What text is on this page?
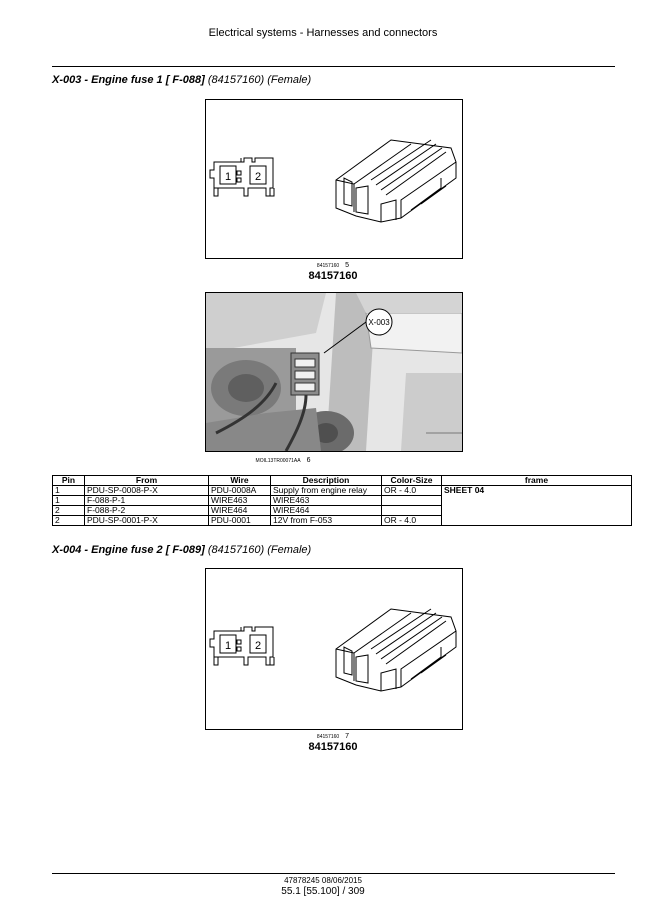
Electrical systems - Harnesses and connectors
X-003 - Engine fuse 1 [ F-088] (84157160) (Female)
1 2
84157160 5
84157160
X-003
MOIL13TR00071AA 6
Pin	From	Wire	Description	Color-Size	frame
1	PDU-SP-0008-P-X	PDU-0008A	Supply from engine relay	OR - 4.0	SHEET 04
1	F-088-P-1	WIRE463	WIRE463		
2	F-088-P-2	WIRE464	WIRE464		
2	PDU-SP-0001-P-X	PDU-0001	12V from F-053	OR - 4.0	
X-004 - Engine fuse 2 [ F-089] (84157160) (Female)
1 2
84157160 7
84157160
47878245 08/06/2015
55.1 [55.100] / 309
